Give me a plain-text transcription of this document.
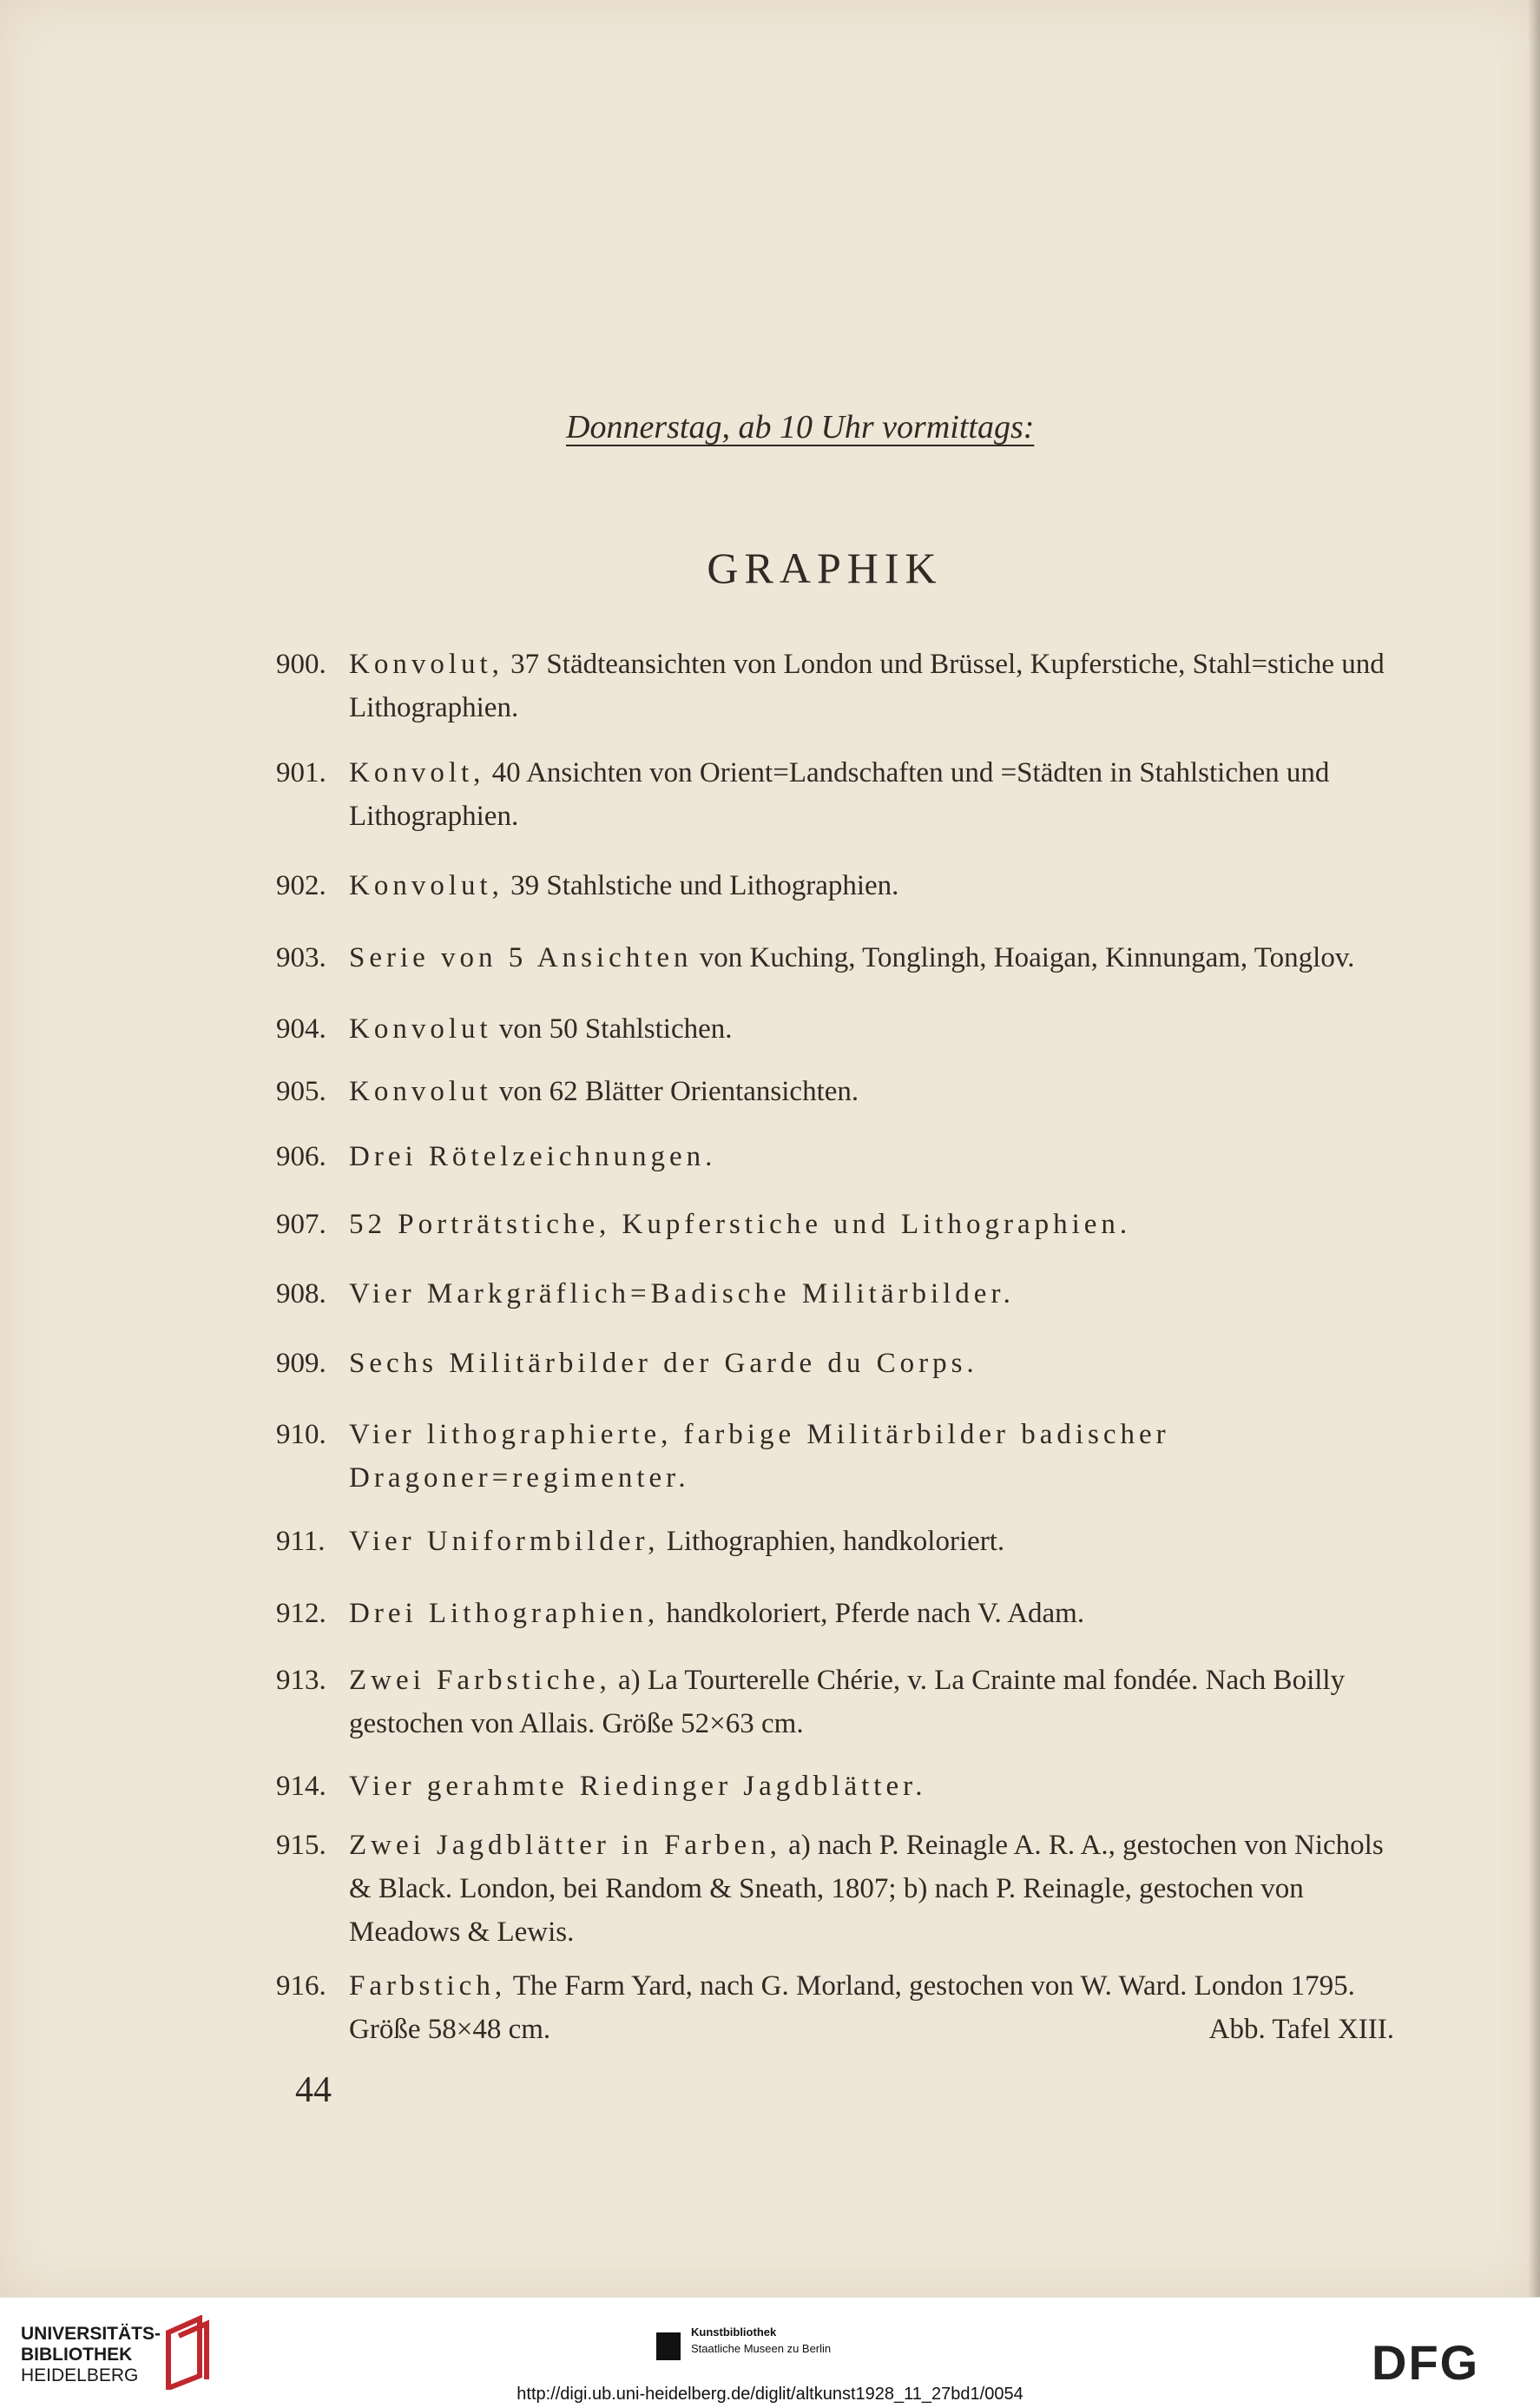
Donnerstag, ab 10 Uhr vormittags:
GRAPHIK
900. Konvolut, 37 Städteansichten von London und Brüssel, Kupferstiche, Stahl=stiche und Lithographien.
901. Konvolt, 40 Ansichten von Orient=Landschaften und =Städten in Stahlstichen und Lithographien.
902. Konvolut, 39 Stahlstiche und Lithographien.
903. Serie von 5 Ansichten von Kuching, Tonglingh, Hoaigan, Kinnungam, Tonglov.
904. Konvolut von 50 Stahlstichen.
905. Konvolut von 62 Blätter Orientansichten.
906. Drei Rötelzeichnungen.
907. 52 Porträtstiche, Kupferstiche und Lithographien.
908. Vier Markgräflich=Badische Militärbilder.
909. Sechs Militärbilder der Garde du Corps.
910. Vier lithographierte, farbige Militärbilder badischer Dragoner=regimenter.
911. Vier Uniformbilder, Lithographien, handkoloriert.
912. Drei Lithographien, handkoloriert, Pferde nach V. Adam.
913. Zwei Farbstiche, a) La Tourterelle Chérie, v. La Crainte mal fondée. Nach Boilly gestochen von Allais. Größe 52×63 cm.
914. Vier gerahmte Riedinger Jagdblätter.
915. Zwei Jagdblätter in Farben, a) nach P. Reinagle A. R. A., gestochen von Nichols & Black. London, bei Random & Sneath, 1807; b) nach P. Reinagle, gestochen von Meadows & Lewis.
916. Farbstich, The Farm Yard, nach G. Morland, gestochen von W. Ward. London 1795. Größe 58×48 cm.	Abb. Tafel XIII.
44
UNIVERSITÄTS-
BIBLIOTHEK
HEIDELBERG
Kunstbibliothek
Staatliche Museen zu Berlin	DFG
http://digi.ub.uni-heidelberg.de/diglit/altkunst1928_11_27bd1/0054
